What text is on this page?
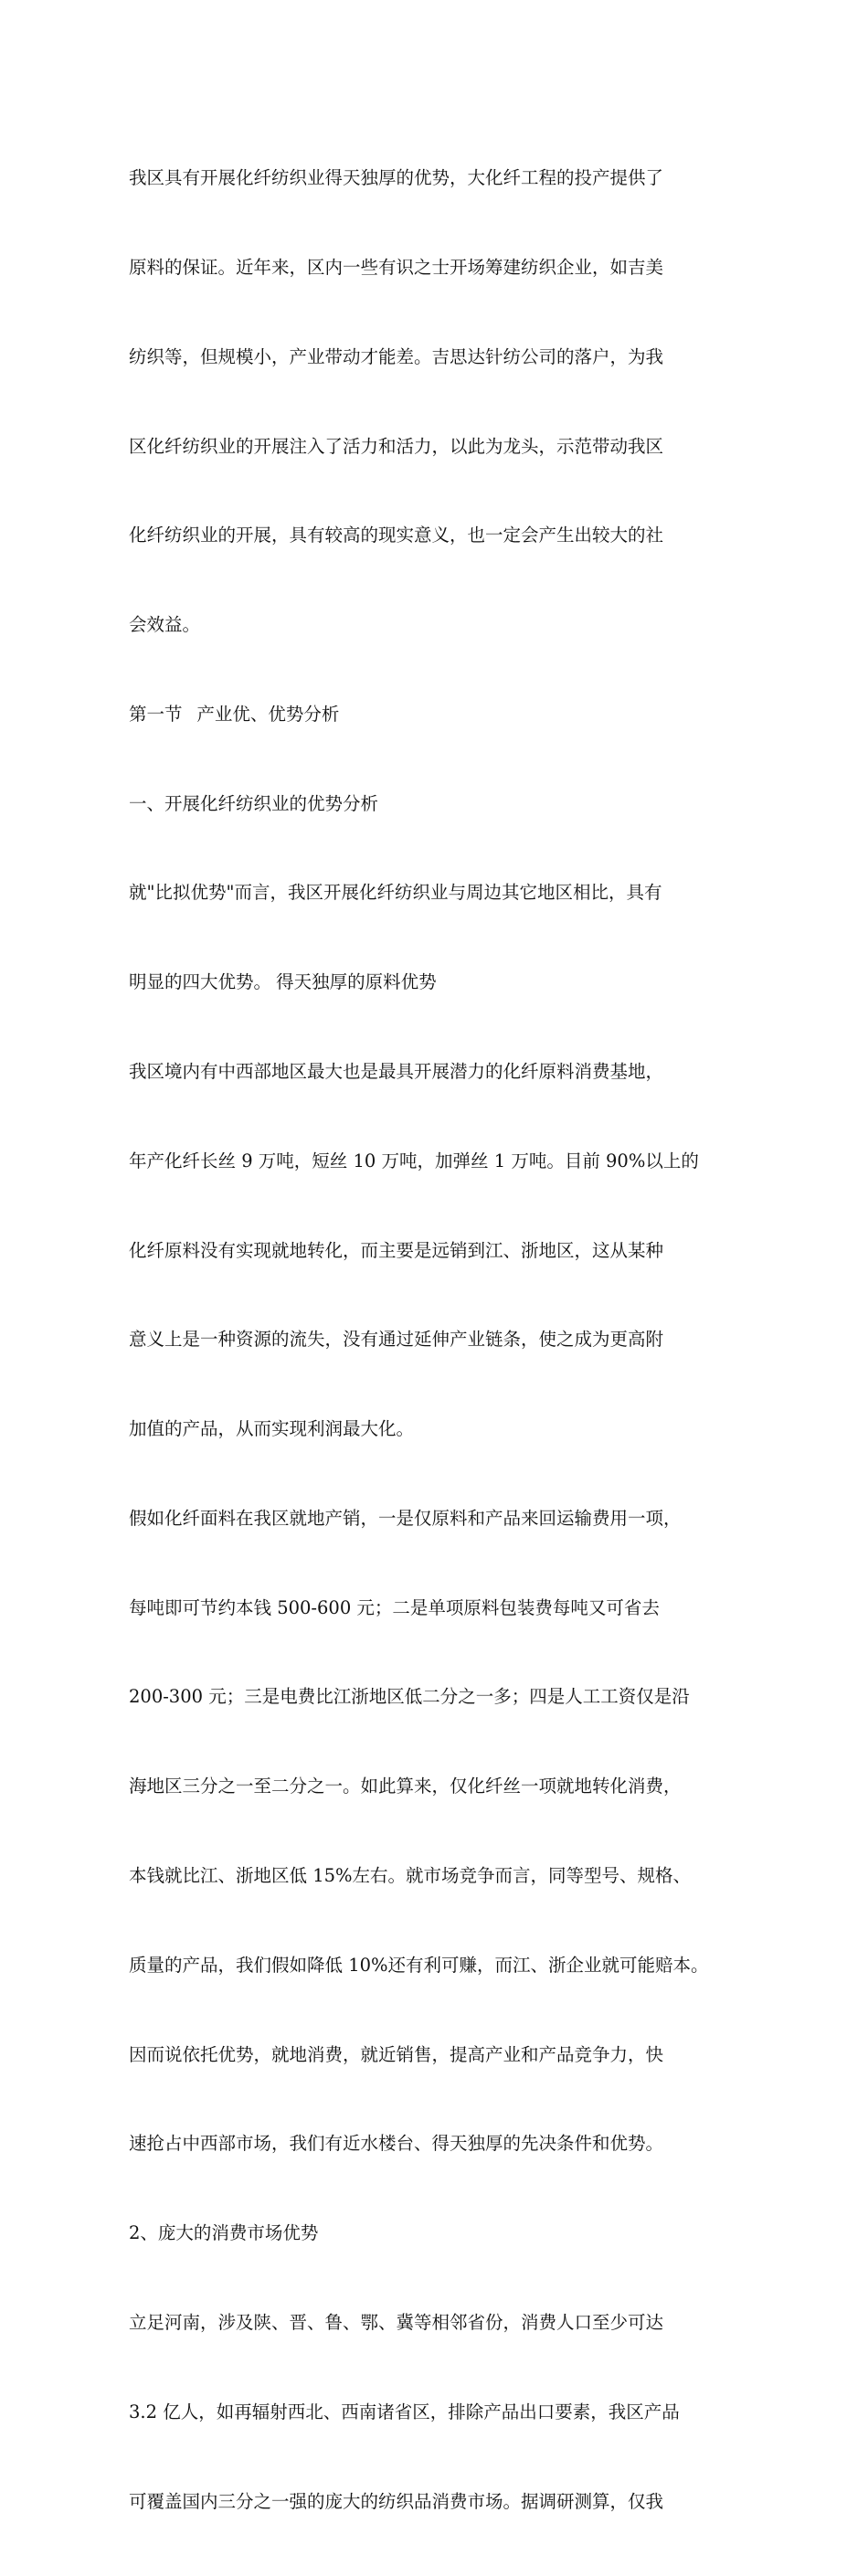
我区具有开展化纤纺织业得天独厚的优势，大化纤工程的投产提供了

原料的保证。近年来，区内一些有识之士开场筹建纺织企业，如吉美

纺织等，但规模小，产业带动才能差。吉思达针纺公司的落户，为我

区化纤纺织业的开展注入了活力和活力，以此为龙头，示范带动我区

化纤纺织业的开展，具有较高的现实意义，也一定会产生出较大的社

会效益。

第一节	产业优、优势分析

一、开展化纤纺织业的优势分析

就"比拟优势"而言，我区开展化纤纺织业与周边其它地区相比，具有

明显的四大优势。	得天独厚的原料优势

我区境内有中西部地区最大也是最具开展潜力的化纤原料消费基地，

年产化纤长丝 9 万吨，短丝 10 万吨，加弹丝 1 万吨。目前 90%以上的

化纤原料没有实现就地转化，而主要是远销到江、浙地区，这从某种

意义上是一种资源的流失，没有通过延伸产业链条，使之成为更高附

加值的产品，从而实现利润最大化。

假如化纤面料在我区就地产销，一是仅原料和产品来回运输费用一项，

每吨即可节约本钱 500-600 元；二是单项原料包装费每吨又可省去

200-300 元；三是电费比江浙地区低二分之一多；四是人工工资仅是沿

海地区三分之一至二分之一。如此算来，仅化纤丝一项就地转化消费，

本钱就比江、浙地区低 15%左右。就市场竞争而言，同等型号、规格、

质量的产品，我们假如降低 10%还有利可赚，而江、浙企业就可能赔本。

因而说依托优势，就地消费，就近销售，提高产业和产品竞争力，快

速抢占中西部市场，我们有近水楼台、得天独厚的先决条件和优势。

2、庞大的消费市场优势

立足河南，涉及陕、晋、鲁、鄂、冀等相邻省份，消费人口至少可达

3.2 亿人，如再辐射西北、西南诸省区，排除产品出口要素，我区产品

可覆盖国内三分之一强的庞大的纺织品消费市场。据调研测算，仅我
